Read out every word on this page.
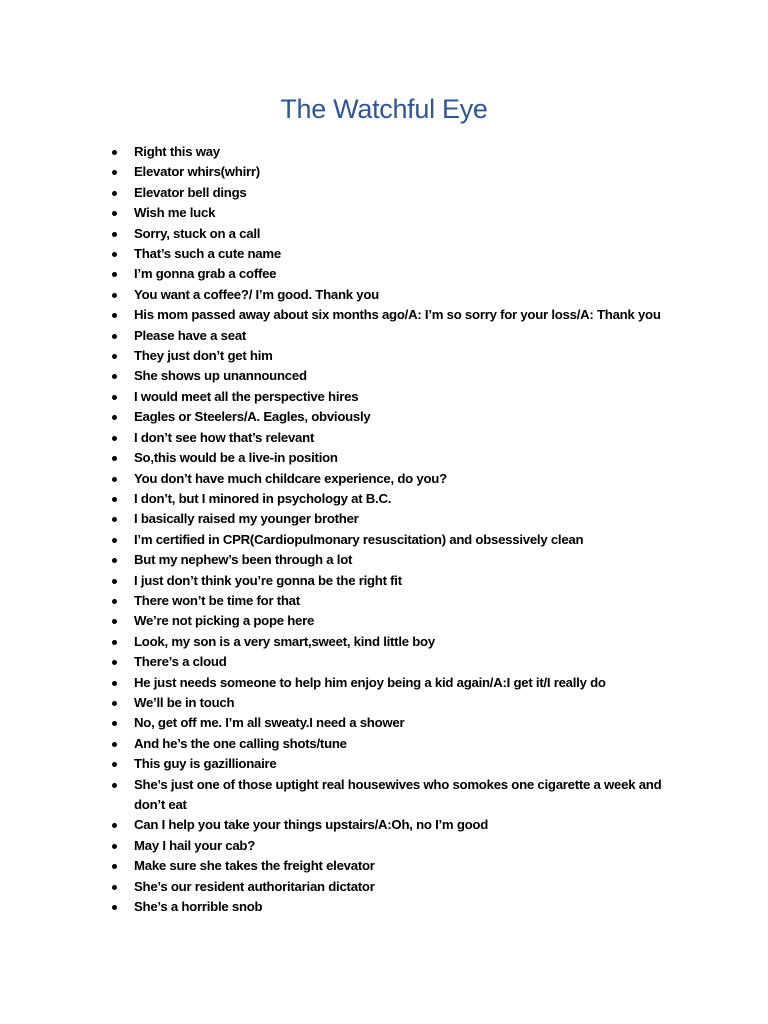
The Watchful Eye
Right this way
Elevator whirs(whirr)
Elevator bell dings
Wish me luck
Sorry, stuck on a call
That’s such a cute name
I’m gonna grab a coffee
You want a coffee?/ I’m good. Thank you
His mom passed away about six months ago/A: I’m so sorry for your loss/A: Thank you
Please have a seat
They just don’t get him
She shows up unannounced
I would meet all the perspective hires
Eagles or Steelers/A. Eagles, obviously
I don’t see how that’s relevant
So,this would be a live-in position
You don’t have much childcare experience, do you?
I don’t, but I minored in psychology at B.C.
I basically raised my younger brother
I’m certified in CPR(Cardiopulmonary resuscitation) and obsessively clean
But my nephew’s been through a lot
I just don’t think you’re gonna be the right fit
There won’t be time for that
We’re not picking a pope here
Look, my son is a very smart,sweet, kind little boy
There’s a cloud
He just needs someone to help him enjoy being a kid again/A:I get it/I really do
We’ll be in touch
No, get off me. I’m all sweaty.I need a shower
And he’s the one calling shots/tune
This guy is gazillionaire
She’s just one of those uptight real housewives who somokes one cigarette a week and don’t eat
Can I help you take your things upstairs/A:Oh, no I’m good
May I hail your cab?
Make sure she takes the freight elevator
She’s our resident authoritarian dictator
She’s a horrible snob
